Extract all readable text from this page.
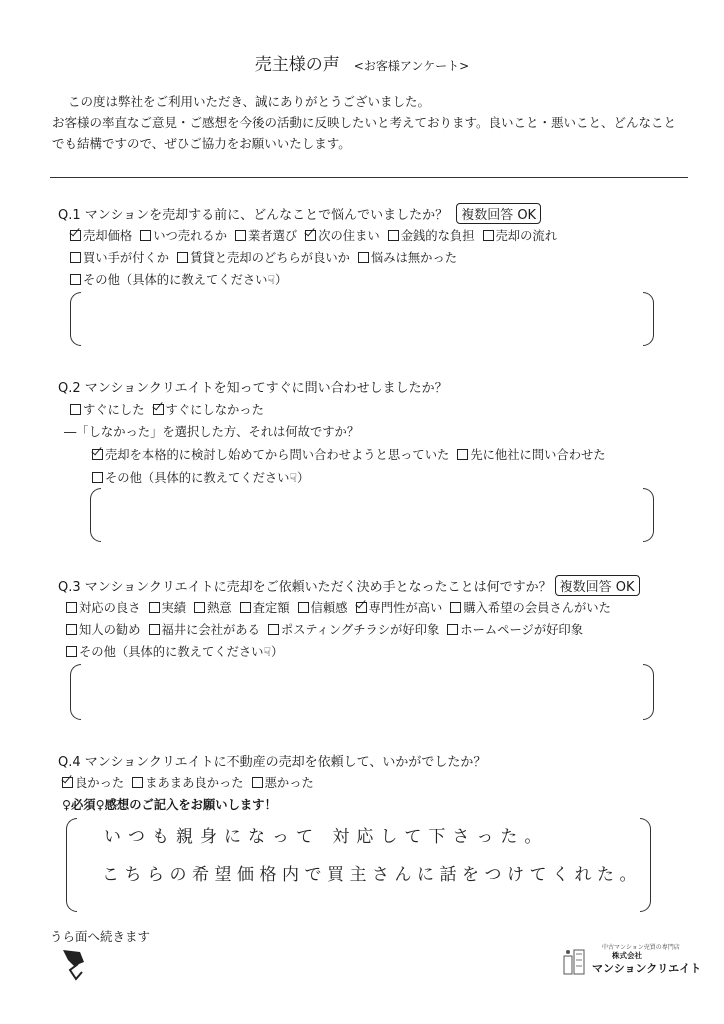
売主様の声 <お客様アンケート>
この度は弊社をご利用いただき、誠にありがとうございました。
お客様の率直なご意見・ご感想を今後の活動に反映したいと考えております。良いこと・悪いこと、どんなこと
でも結構ですので、ぜひご協力をお願いいたします。
Q.1 マンションを売却する前に、どんなことで悩んでいましたか？ 複数回答 OK
売却価格 いつ売れるか 業者選び 次の住まい 金銭的な負担 売却の流れ
買い手が付くか 賃貸と売却のどちらが良いか 悩みは無かった
その他（具体的に教えてください☟）
Q.2 マンションクリエイトを知ってすぐに問い合わせしましたか？
すぐにした すぐにしなかった
―「しなかった」を選択した方、それは何故ですか？
売却を本格的に検討し始めてから問い合わせようと思っていた 先に他社に問い合わせた
その他（具体的に教えてください☟）
Q.3 マンションクリエイトに売却をご依頼いただく決め手となったことは何ですか？ 複数回答 OK
対応の良さ 実績 熱意 査定額 信頼感 専門性が高い 購入希望の会員さんがいた
知人の勧め 福井に会社がある ポスティングチラシが好印象 ホームページが好印象
その他（具体的に教えてください☟）
Q.4 マンションクリエイトに不動産の売却を依頼して、いかがでしたか？
良かった まあまあ良かった 悪かった
♀必須♀感想のご記入をお願いします！
いつも親身になって 対応して下さった。
こちらの希望価格内で買主さんに話をつけてくれた。
うら面へ続きます
中古マンション売買の専門店
株式会社
マンションクリエイト
